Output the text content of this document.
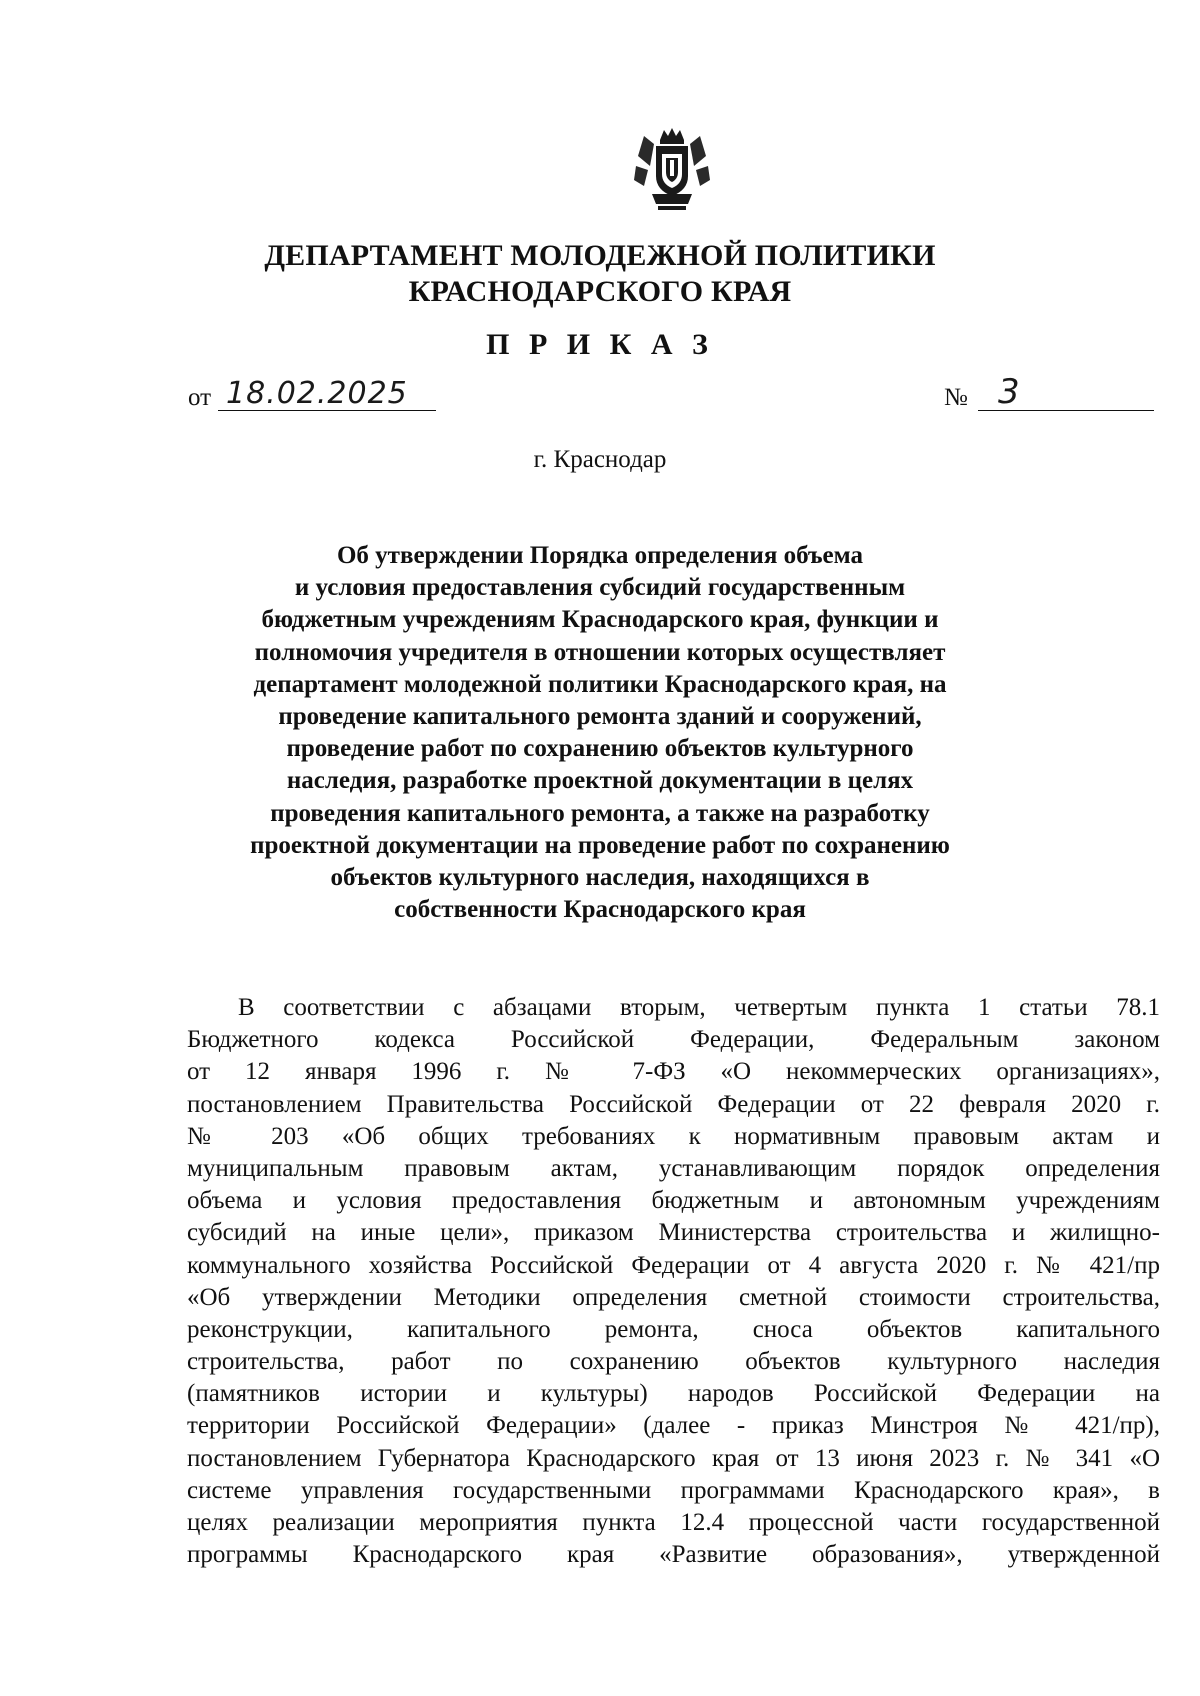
ДЕПАРТАМЕНТ МОЛОДЕЖНОЙ ПОЛИТИКИ
КРАСНОДАРСКОГО КРАЯ
П Р И К А З
от 18.02.2025	№ 3
г. Краснодар
Об утверждении Порядка определения объема
и условия предоставления субсидий государственным
бюджетным учреждениям Краснодарского края, функции и
полномочия учредителя в отношении которых осуществляет
департамент молодежной политики Краснодарского края, на
проведение капитального ремонта зданий и сооружений,
проведение работ по сохранению объектов культурного
наследия, разработке проектной документации в целях
проведения капитального ремонта, а также на разработку
проектной документации на проведение работ по сохранению
объектов культурного наследия, находящихся в
собственности Краснодарского края
В соответствии с абзацами вторым, четвертым пункта 1 статьи 78.1
Бюджетного кодекса Российской Федерации, Федеральным законом
от 12 января 1996 г. № 7-ФЗ «О некоммерческих организациях»,
постановлением Правительства Российской Федерации от 22 февраля 2020 г.
№ 203 «Об общих требованиях к нормативным правовым актам и
муниципальным правовым актам, устанавливающим порядок определения
объема и условия предоставления бюджетным и автономным учреждениям
субсидий на иные цели», приказом Министерства строительства и жилищно-
коммунального хозяйства Российской Федерации от 4 августа 2020 г. № 421/пр
«Об утверждении Методики определения сметной стоимости строительства,
реконструкции, капитального ремонта, сноса объектов капитального
строительства, работ по сохранению объектов культурного наследия
(памятников истории и культуры) народов Российской Федерации на
территории Российской Федерации» (далее - приказ Минстроя № 421/пр),
постановлением Губернатора Краснодарского края от 13 июня 2023 г. № 341 «О
системе управления государственными программами Краснодарского края», в
целях реализации мероприятия пункта 12.4 процессной части государственной
программы Краснодарского края «Развитие образования», утвержденной
